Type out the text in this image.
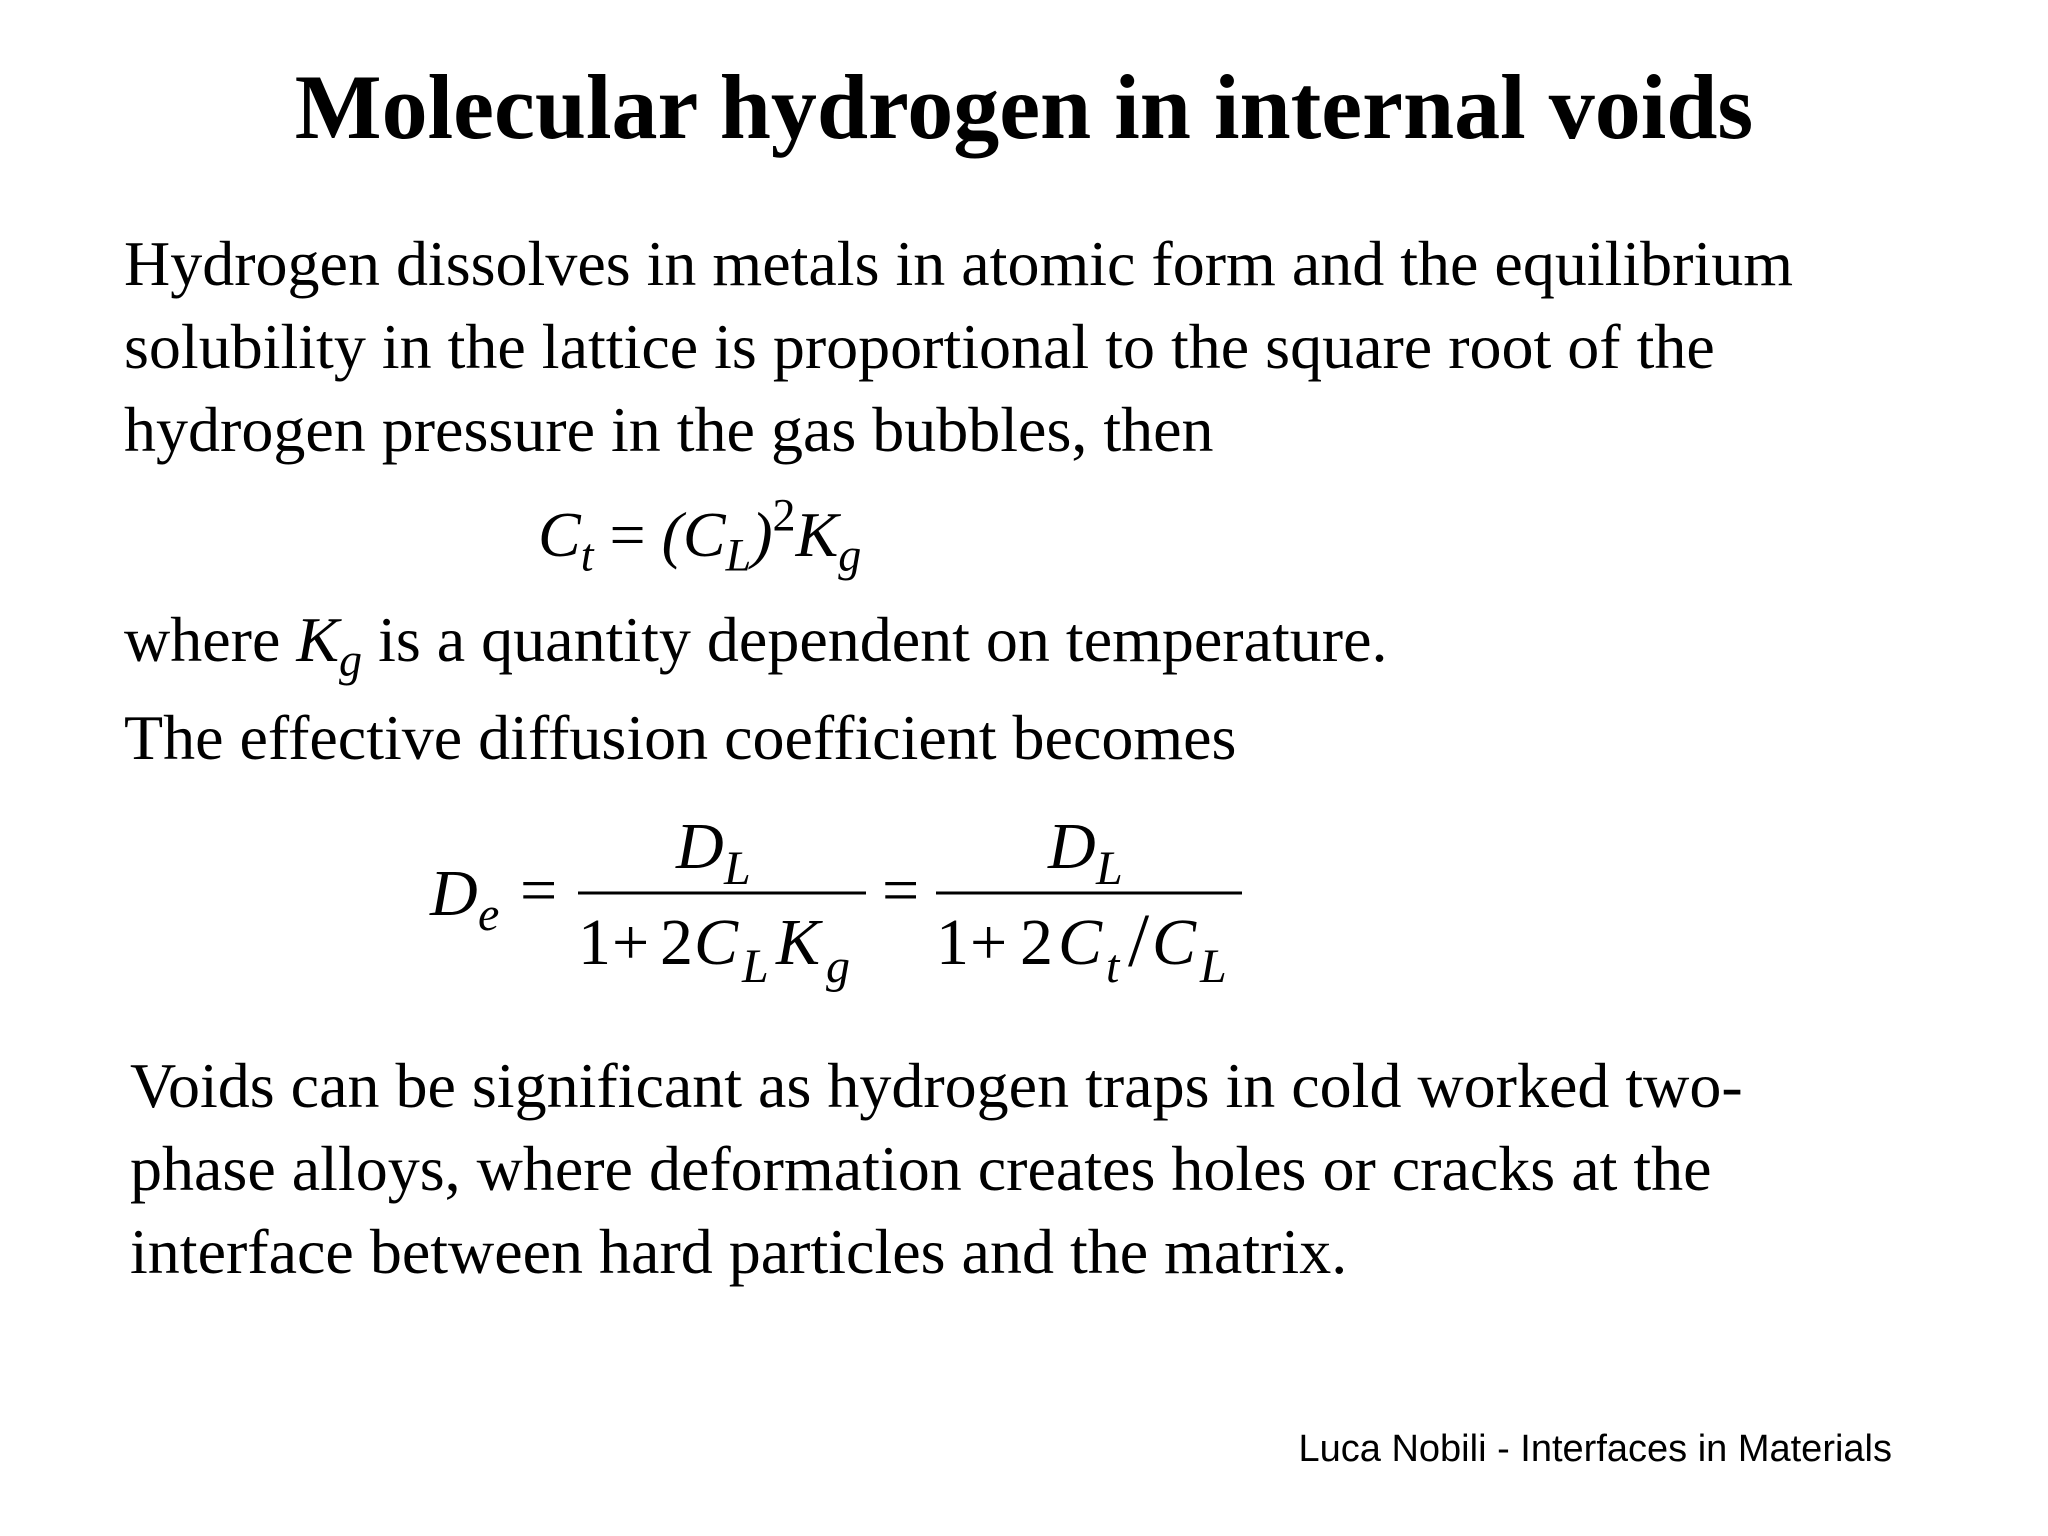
Molecular hydrogen in internal voids

Hydrogen dissolves in metals in atomic form and the equilibrium
solubility in the lattice is proportional to the square root of the
hydrogen pressure in the gas bubbles, then

$C_t = (C_L)^2K_g$

where $K_g$ is a quantity dependent on temperature.

The effective diffusion coefficient becomes

D e =
D L
1 + 2 C L K g
=
D L
1 + 2 C t / C L

Voids can be significant as hydrogen traps in cold worked two-
phase alloys, where deformation creates holes or cracks at the
interface between hard particles and the matrix.

Luca Nobili - Interfaces in Materials
